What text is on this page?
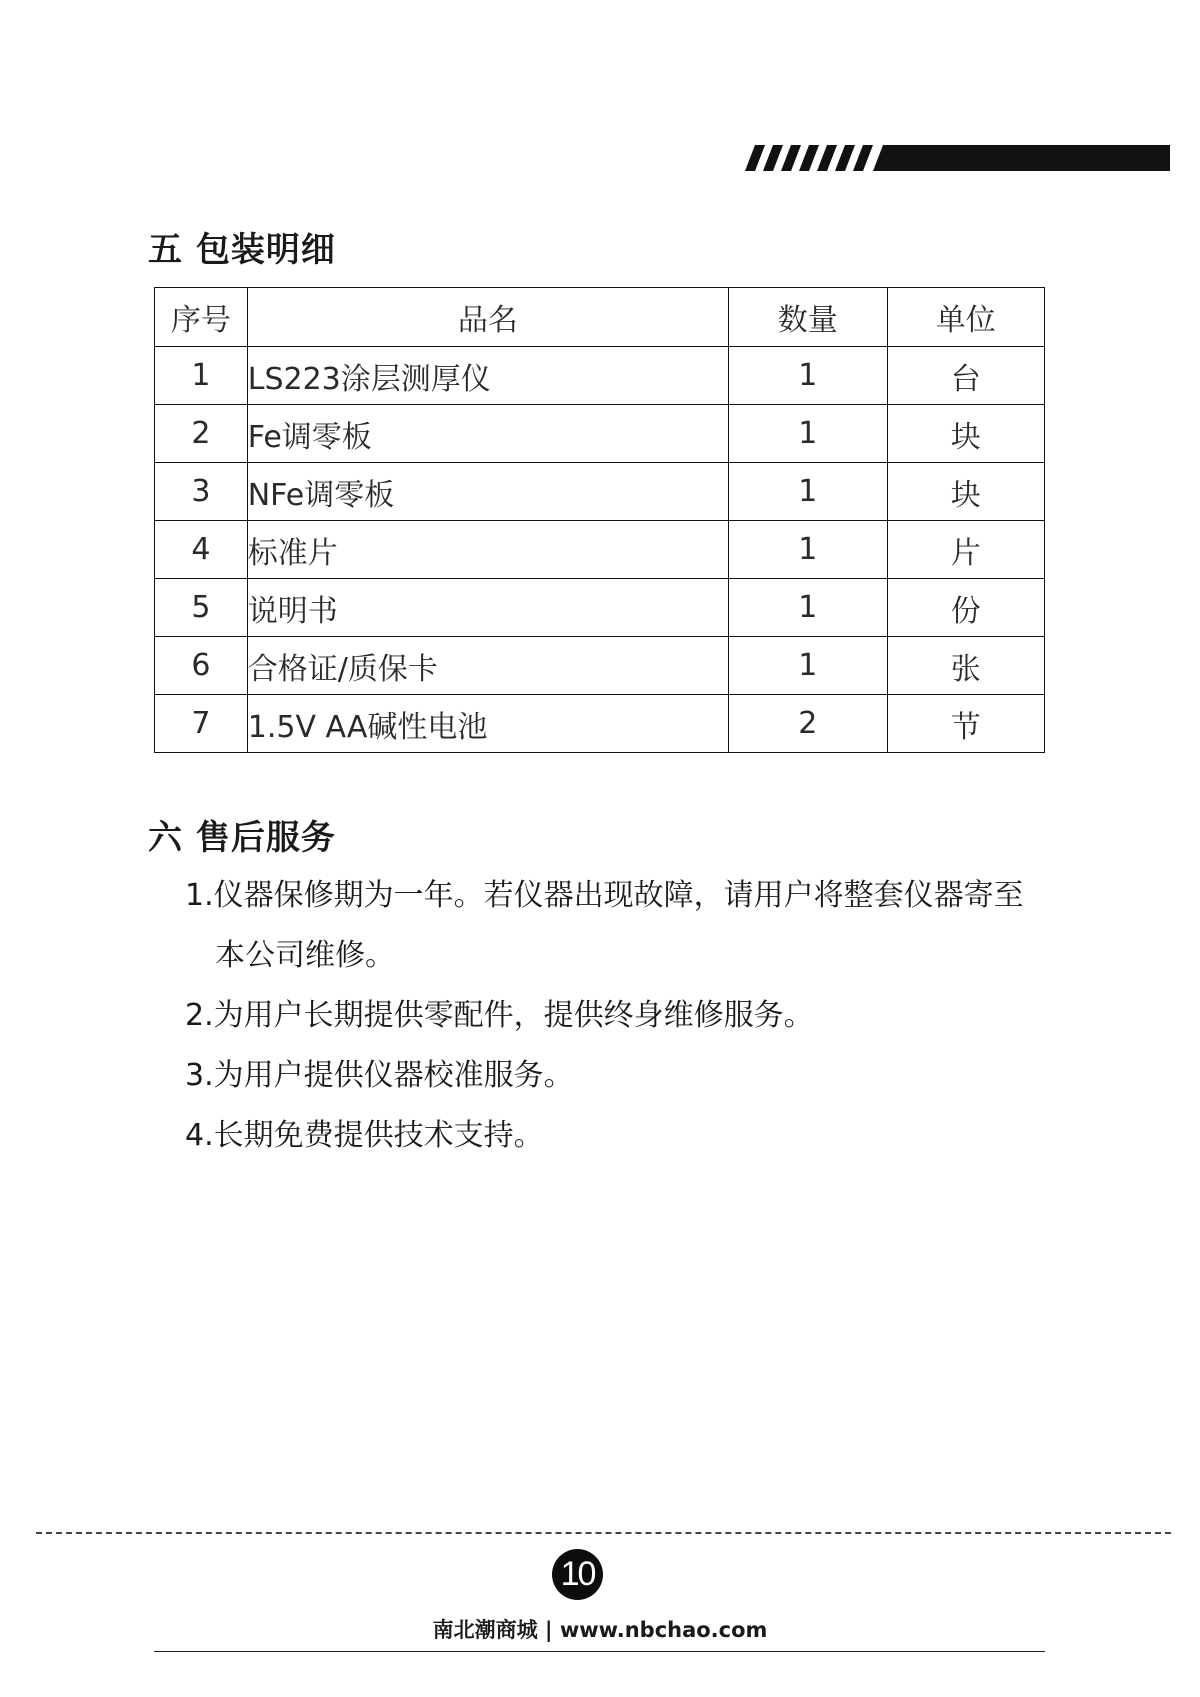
五 包装明细
序号	品名	数量	单位
1	LS223涂层测厚仪	1	台
2	Fe调零板	1	块
3	NFe调零板	1	块
4	标准片	1	片
5	说明书	1	份
6	合格证/质保卡	1	张
7	1.5V AA碱性电池	2	节
六 售后服务
1.仪器保修期为一年。若仪器出现故障，请用户将整套仪器寄至
本公司维修。
2.为用户长期提供零配件，提供终身维修服务。
3.为用户提供仪器校准服务。
4.长期免费提供技术支持。
10
南北潮商城 | www.nbchao.com
